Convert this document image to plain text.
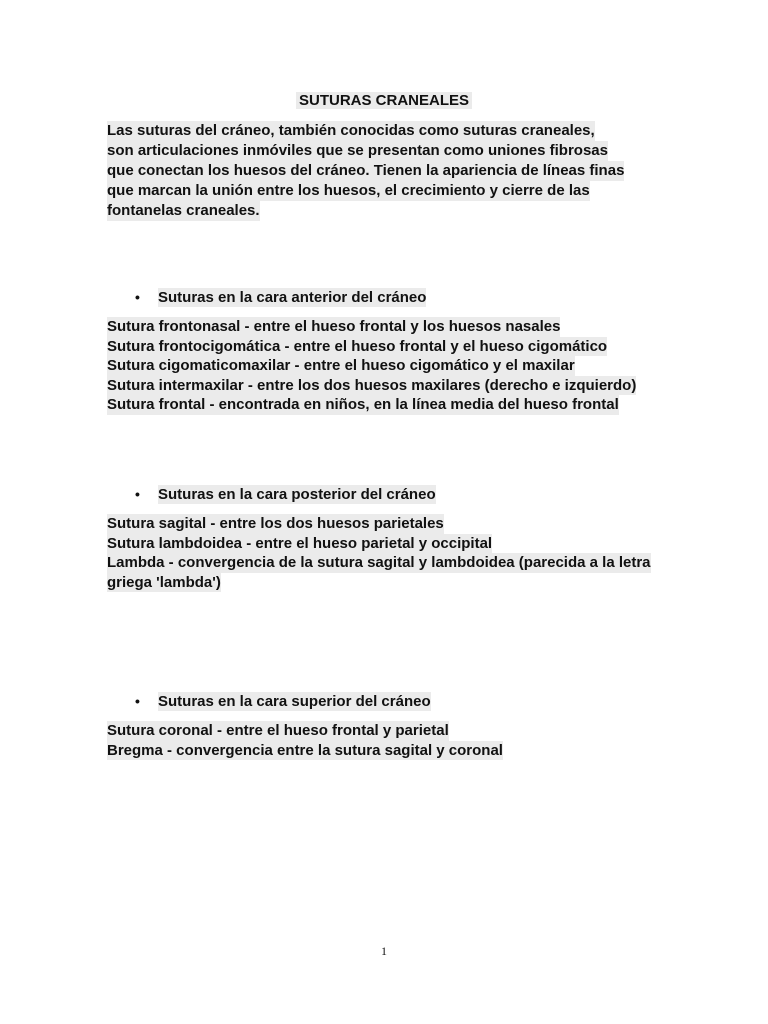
SUTURAS CRANEALES
Las suturas del cráneo, también conocidas como suturas craneales,
son articulaciones inmóviles que se presentan como uniones fibrosas
que conectan los huesos del cráneo. Tienen la apariencia de líneas finas
que marcan la unión entre los huesos, el crecimiento y cierre de las
fontanelas craneales.
• Suturas en la cara anterior del cráneo
Sutura frontonasal - entre el hueso frontal y los huesos nasales
Sutura frontocigomática - entre el hueso frontal y el hueso cigomático
Sutura cigomaticomaxilar - entre el hueso cigomático y el maxilar
Sutura intermaxilar - entre los dos huesos maxilares (derecho e izquierdo)
Sutura frontal - encontrada en niños, en la línea media del hueso frontal
• Suturas en la cara posterior del cráneo
Sutura sagital - entre los dos huesos parietales
Sutura lambdoidea - entre el hueso parietal y occipital
Lambda - convergencia de la sutura sagital y lambdoidea (parecida a la letra
griega 'lambda')
• Suturas en la cara superior del cráneo
Sutura coronal - entre el hueso frontal y parietal
Bregma - convergencia entre la sutura sagital y coronal
1
